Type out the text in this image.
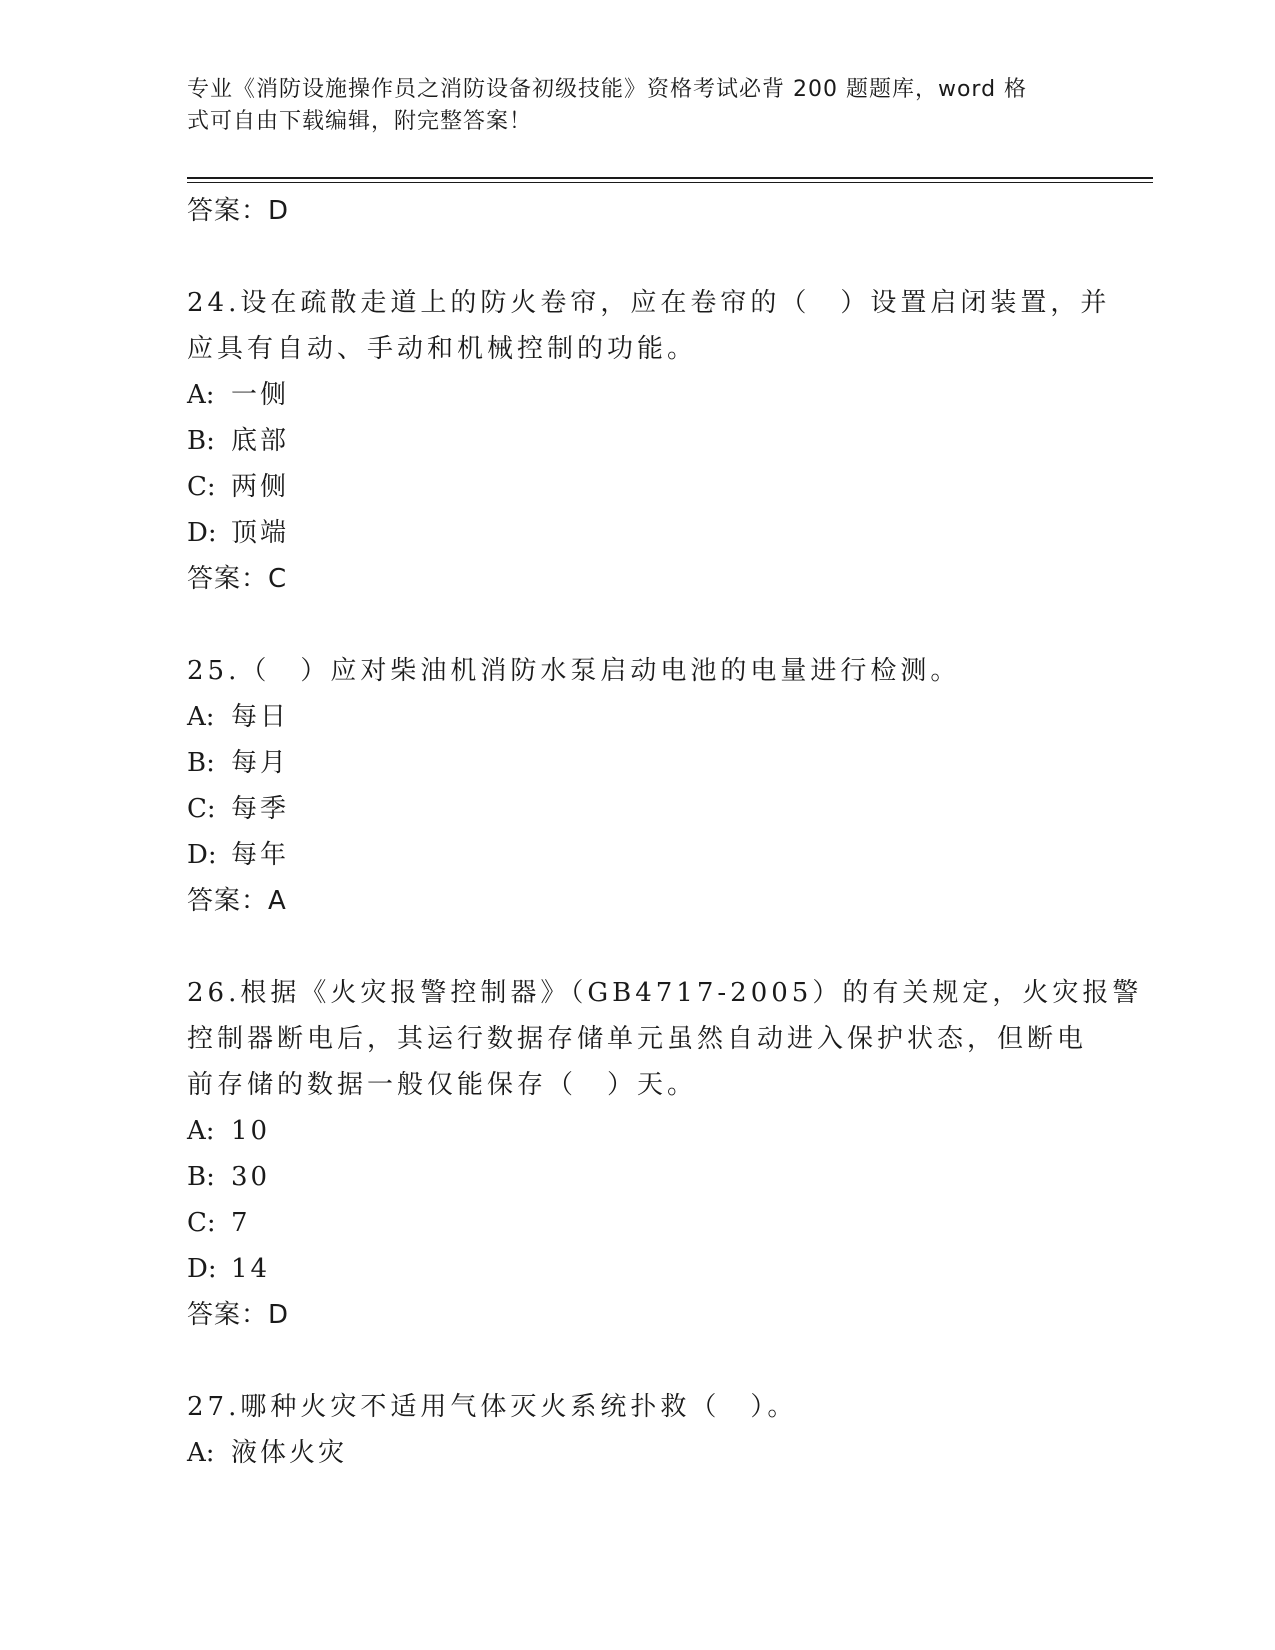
专业《消防设施操作员之消防设备初级技能》资格考试必背 200 题题库，word 格
式可自由下载编辑，附完整答案！
答案：D
24.设在疏散走道上的防火卷帘，应在卷帘的（　）设置启闭装置，并
应具有自动、手动和机械控制的功能。
A: 一侧
B: 底部
C: 两侧
D: 顶端
答案：C
25.（　）应对柴油机消防水泵启动电池的电量进行检测。
A: 每日
B: 每月
C: 每季
D: 每年
答案：A
26.根据《火灾报警控制器》（GB4717-2005）的有关规定，火灾报警
控制器断电后，其运行数据存储单元虽然自动进入保护状态，但断电
前存储的数据一般仅能保存（　）天。
A: 10
B: 30
C: 7
D: 14
答案：D
27.哪种火灾不适用气体灭火系统扑救（　）。
A: 液体火灾
